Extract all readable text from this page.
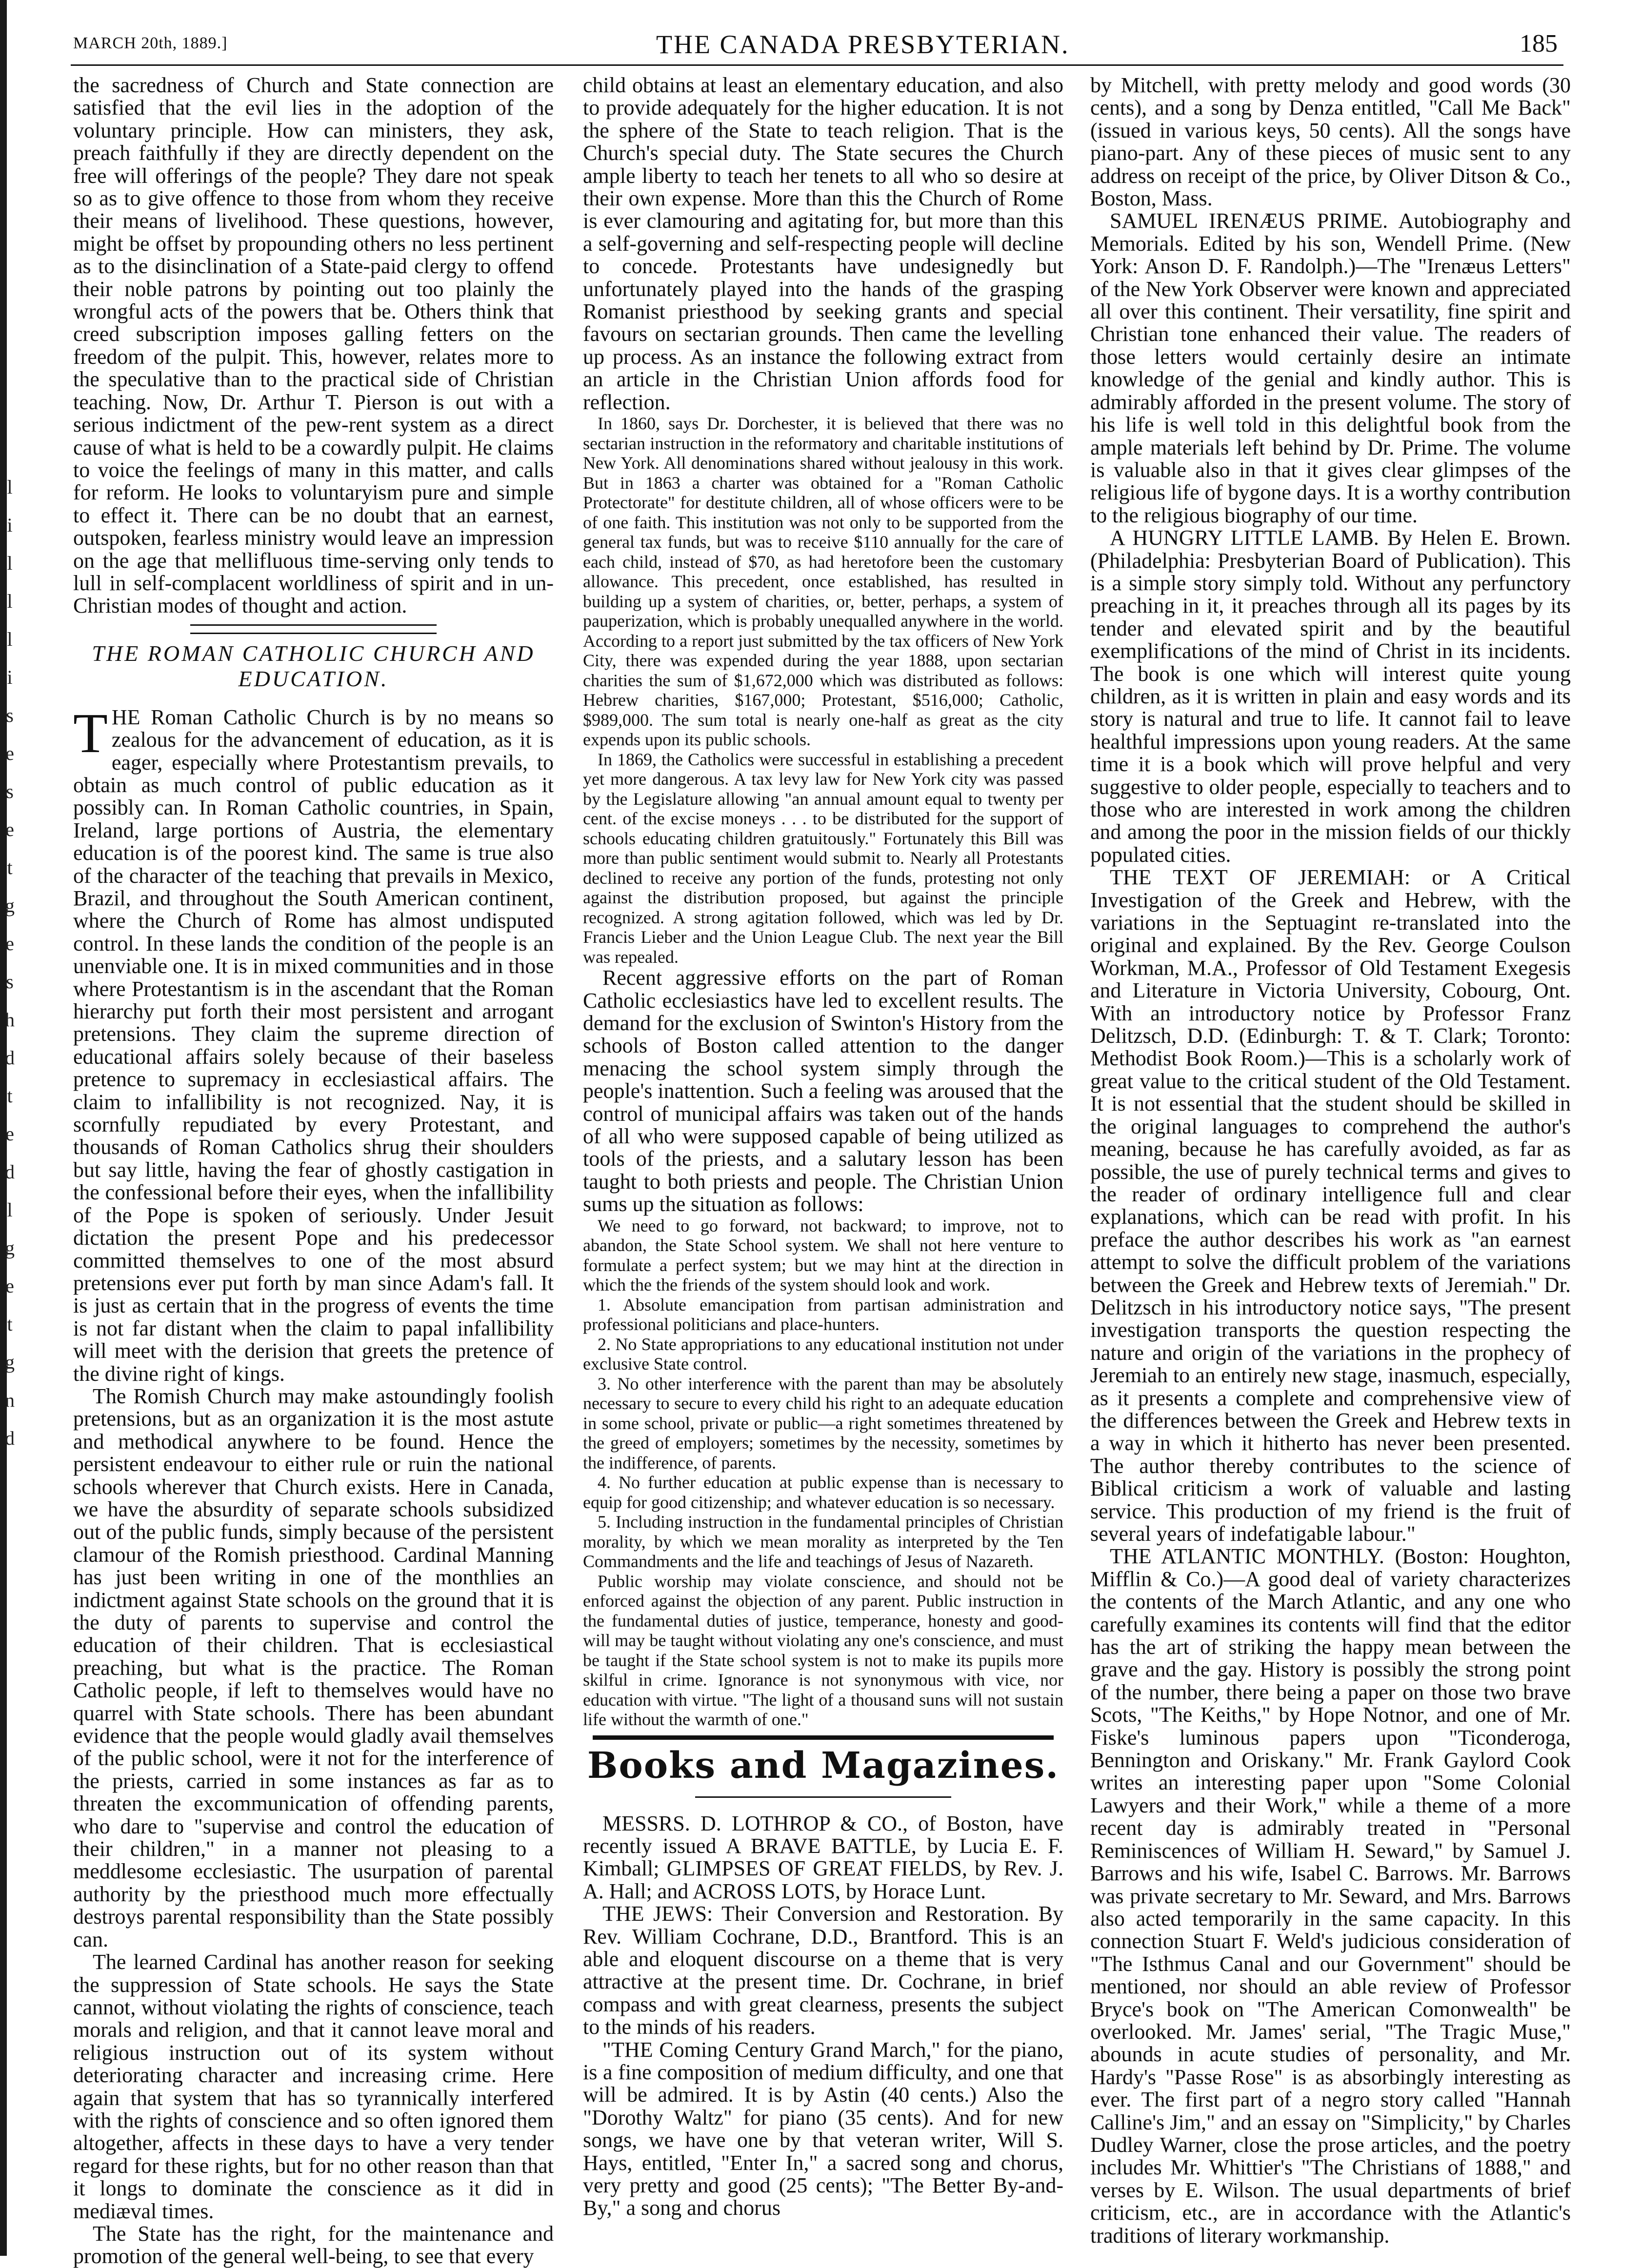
l
i
l
l
l
i
s
e
s
e
t
g
e
s
h
d
t
e
d
l
g
e
t
g
n
d
MARCH 20th, 1889.]	THE CANADA PRESBYTERIAN.	185

the sacredness of Church and State connection are satisfied that the evil lies in the adoption of the voluntary principle. How can ministers, they ask, preach faithfully if they are directly dependent on the free will offerings of the people? They dare not speak so as to give offence to those from whom they receive their means of livelihood. These questions, however, might be offset by propounding others no less pertinent as to the disinclination of a State-paid clergy to offend their noble patrons by pointing out too plainly the wrongful acts of the powers that be. Others think that creed subscription imposes galling fetters on the freedom of the pulpit. This, however, relates more to the speculative than to the practical side of Christian teaching. Now, Dr. Arthur T. Pierson is out with a serious indictment of the pew-rent system as a direct cause of what is held to be a cowardly pulpit. He claims to voice the feelings of many in this matter, and calls for reform. He looks to voluntaryism pure and simple to effect it. There can be no doubt that an earnest, outspoken, fearless ministry would leave an impression on the age that mellifluous time-serving only tends to lull in self-complacent worldliness of spirit and in un-Christian modes of thought and action.

THE ROMAN CATHOLIC CHURCH AND EDUCATION.

THE Roman Catholic Church is by no means so zealous for the advancement of education, as it is eager, especially where Protestantism prevails, to obtain as much control of public education as it possibly can. In Roman Catholic countries, in Spain, Ireland, large portions of Austria, the elementary education is of the poorest kind. The same is true also of the character of the teaching that prevails in Mexico, Brazil, and throughout the South American continent, where the Church of Rome has almost undisputed control. In these lands the condition of the people is an unenviable one. It is in mixed communities and in those where Protestantism is in the ascendant that the Roman hierarchy put forth their most persistent and arrogant pretensions. They claim the supreme direction of educational affairs solely because of their baseless pretence to supremacy in ecclesiastical affairs. The claim to infallibility is not recognized. Nay, it is scornfully repudiated by every Protestant, and thousands of Roman Catholics shrug their shoulders but say little, having the fear of ghostly castigation in the confessional before their eyes, when the infallibility of the Pope is spoken of seriously. Under Jesuit dictation the present Pope and his predecessor committed themselves to one of the most absurd pretensions ever put forth by man since Adam's fall. It is just as certain that in the progress of events the time is not far distant when the claim to papal infallibility will meet with the derision that greets the pretence of the divine right of kings.

The Romish Church may make astoundingly foolish pretensions, but as an organization it is the most astute and methodical anywhere to be found. Hence the persistent endeavour to either rule or ruin the national schools wherever that Church exists. Here in Canada, we have the absurdity of separate schools subsidized out of the public funds, simply because of the persistent clamour of the Romish priesthood. Cardinal Manning has just been writing in one of the monthlies an indictment against State schools on the ground that it is the duty of parents to supervise and control the education of their children. That is ecclesiastical preaching, but what is the practice. The Roman Catholic people, if left to themselves would have no quarrel with State schools. There has been abundant evidence that the people would gladly avail themselves of the public school, were it not for the interference of the priests, carried in some instances as far as to threaten the excommunication of offending parents, who dare to "supervise and control the education of their children," in a manner not pleasing to a meddlesome ecclesiastic. The usurpation of parental authority by the priesthood much more effectually destroys parental responsibility than the State possibly can.

The learned Cardinal has another reason for seeking the suppression of State schools. He says the State cannot, without violating the rights of conscience, teach morals and religion, and that it cannot leave moral and religious instruction out of its system without deteriorating character and increasing crime. Here again that system that has so tyrannically interfered with the rights of conscience and so often ignored them altogether, affects in these days to have a very tender regard for these rights, but for no other reason than that it longs to dominate the conscience as it did in mediæval times.

The State has the right, for the maintenance and promotion of the general well-being, to see that every

child obtains at least an elementary education, and also to provide adequately for the higher education. It is not the sphere of the State to teach religion. That is the Church's special duty. The State secures the Church ample liberty to teach her tenets to all who so desire at their own expense. More than this the Church of Rome is ever clamouring and agitating for, but more than this a self-governing and self-respecting people will decline to concede. Protestants have undesignedly but unfortunately played into the hands of the grasping Romanist priesthood by seeking grants and special favours on sectarian grounds. Then came the levelling up process. As an instance the following extract from an article in the Christian Union affords food for reflection.

In 1860, says Dr. Dorchester, it is believed that there was no sectarian instruction in the reformatory and charitable institutions of New York. All denominations shared without jealousy in this work. But in 1863 a charter was obtained for a "Roman Catholic Protectorate" for destitute children, all of whose officers were to be of one faith. This institution was not only to be supported from the general tax funds, but was to receive $110 annually for the care of each child, instead of $70, as had heretofore been the customary allowance. This precedent, once established, has resulted in building up a system of charities, or, better, perhaps, a system of pauperization, which is probably unequalled anywhere in the world. According to a report just submitted by the tax officers of New York City, there was expended during the year 1888, upon sectarian charities the sum of $1,672,000 which was distributed as follows: Hebrew charities, $167,000; Protestant, $516,000; Catholic, $989,000. The sum total is nearly one-half as great as the city expends upon its public schools.

In 1869, the Catholics were successful in establishing a precedent yet more dangerous. A tax levy law for New York city was passed by the Legislature allowing "an annual amount equal to twenty per cent. of the excise moneys . . . to be distributed for the support of schools educating children gratuitously." Fortunately this Bill was more than public sentiment would submit to. Nearly all Protestants declined to receive any portion of the funds, protesting not only against the distribution proposed, but against the principle recognized. A strong agitation followed, which was led by Dr. Francis Lieber and the Union League Club. The next year the Bill was repealed.

Recent aggressive efforts on the part of Roman Catholic ecclesiastics have led to excellent results. The demand for the exclusion of Swinton's History from the schools of Boston called attention to the danger menacing the school system simply through the people's inattention. Such a feeling was aroused that the control of municipal affairs was taken out of the hands of all who were supposed capable of being utilized as tools of the priests, and a salutary lesson has been taught to both priests and people. The Christian Union sums up the situation as follows:

We need to go forward, not backward; to improve, not to abandon, the State School system. We shall not here venture to formulate a perfect system; but we may hint at the direction in which the the friends of the system should look and work.

1. Absolute emancipation from partisan administration and professional politicians and place-hunters.

2. No State appropriations to any educational institution not under exclusive State control.

3. No other interference with the parent than may be absolutely necessary to secure to every child his right to an adequate education in some school, private or public—a right sometimes threatened by the greed of employers; sometimes by the necessity, sometimes by the indifference, of parents.

4. No further education at public expense than is necessary to equip for good citizenship; and whatever education is so necessary.

5. Including instruction in the fundamental principles of Christian morality, by which we mean morality as interpreted by the Ten Commandments and the life and teachings of Jesus of Nazareth.

Public worship may violate conscience, and should not be enforced against the objection of any parent. Public instruction in the fundamental duties of justice, temperance, honesty and good-will may be taught without violating any one's conscience, and must be taught if the State school system is not to make its pupils more skilful in crime. Ignorance is not synonymous with vice, nor education with virtue. "The light of a thousand suns will not sustain life without the warmth of one."

Books and Magazines.

MESSRS. D. LOTHROP & CO., of Boston, have recently issued A BRAVE BATTLE, by Lucia E. F. Kimball; GLIMPSES OF GREAT FIELDS, by Rev. J. A. Hall; and ACROSS LOTS, by Horace Lunt.

THE JEWS: Their Conversion and Restoration. By Rev. William Cochrane, D.D., Brantford. This is an able and eloquent discourse on a theme that is very attractive at the present time. Dr. Cochrane, in brief compass and with great clearness, presents the subject to the minds of his readers.

"THE Coming Century Grand March," for the piano, is a fine composition of medium difficulty, and one that will be admired. It is by Astin (40 cents.) Also the "Dorothy Waltz" for piano (35 cents). And for new songs, we have one by that veteran writer, Will S. Hays, entitled, "Enter In," a sacred song and chorus, very pretty and good (25 cents); "The Better By-and-By," a song and chorus

by Mitchell, with pretty melody and good words (30 cents), and a song by Denza entitled, "Call Me Back" (issued in various keys, 50 cents). All the songs have piano-part. Any of these pieces of music sent to any address on receipt of the price, by Oliver Ditson & Co., Boston, Mass.

SAMUEL IRENÆUS PRIME. Autobiography and Memorials. Edited by his son, Wendell Prime. (New York: Anson D. F. Randolph.)—The "Irenæus Letters" of the New York Observer were known and appreciated all over this continent. Their versatility, fine spirit and Christian tone enhanced their value. The readers of those letters would certainly desire an intimate knowledge of the genial and kindly author. This is admirably afforded in the present volume. The story of his life is well told in this delightful book from the ample materials left behind by Dr. Prime. The volume is valuable also in that it gives clear glimpses of the religious life of bygone days. It is a worthy contribution to the religious biography of our time.

A HUNGRY LITTLE LAMB. By Helen E. Brown. (Philadelphia: Presbyterian Board of Publication). This is a simple story simply told. Without any perfunctory preaching in it, it preaches through all its pages by its tender and elevated spirit and by the beautiful exemplifications of the mind of Christ in its incidents. The book is one which will interest quite young children, as it is written in plain and easy words and its story is natural and true to life. It cannot fail to leave healthful impressions upon young readers. At the same time it is a book which will prove helpful and very suggestive to older people, especially to teachers and to those who are interested in work among the children and among the poor in the mission fields of our thickly populated cities.

THE TEXT OF JEREMIAH: or A Critical Investigation of the Greek and Hebrew, with the variations in the Septuagint re-translated into the original and explained. By the Rev. George Coulson Workman, M.A., Professor of Old Testament Exegesis and Literature in Victoria University, Cobourg, Ont. With an introductory notice by Professor Franz Delitzsch, D.D. (Edinburgh: T. & T. Clark; Toronto: Methodist Book Room.)—This is a scholarly work of great value to the critical student of the Old Testament. It is not essential that the student should be skilled in the original languages to comprehend the author's meaning, because he has carefully avoided, as far as possible, the use of purely technical terms and gives to the reader of ordinary intelligence full and clear explanations, which can be read with profit. In his preface the author describes his work as "an earnest attempt to solve the difficult problem of the variations between the Greek and Hebrew texts of Jeremiah." Dr. Delitzsch in his introductory notice says, "The present investigation transports the question respecting the nature and origin of the variations in the prophecy of Jeremiah to an entirely new stage, inasmuch, especially, as it presents a complete and comprehensive view of the differences between the Greek and Hebrew texts in a way in which it hitherto has never been presented. The author thereby contributes to the science of Biblical criticism a work of valuable and lasting service. This production of my friend is the fruit of several years of indefatigable labour."

THE ATLANTIC MONTHLY. (Boston: Houghton, Mifflin & Co.)—A good deal of variety characterizes the contents of the March Atlantic, and any one who carefully examines its contents will find that the editor has the art of striking the happy mean between the grave and the gay. History is possibly the strong point of the number, there being a paper on those two brave Scots, "The Keiths," by Hope Notnor, and one of Mr. Fiske's luminous papers upon "Ticonderoga, Bennington and Oriskany." Mr. Frank Gaylord Cook writes an interesting paper upon "Some Colonial Lawyers and their Work," while a theme of a more recent day is admirably treated in "Personal Reminiscences of William H. Seward," by Samuel J. Barrows and his wife, Isabel C. Barrows. Mr. Barrows was private secretary to Mr. Seward, and Mrs. Barrows also acted temporarily in the same capacity. In this connection Stuart F. Weld's judicious consideration of "The Isthmus Canal and our Government" should be mentioned, nor should an able review of Professor Bryce's book on "The American Comonwealth" be overlooked. Mr. James' serial, "The Tragic Muse," abounds in acute studies of personality, and Mr. Hardy's "Passe Rose" is as absorbingly interesting as ever. The first part of a negro story called "Hannah Calline's Jim," and an essay on "Simplicity," by Charles Dudley Warner, close the prose articles, and the poetry includes Mr. Whittier's "The Christians of 1888," and verses by E. Wilson. The usual departments of brief criticism, etc., are in accordance with the Atlantic's traditions of literary workmanship.
